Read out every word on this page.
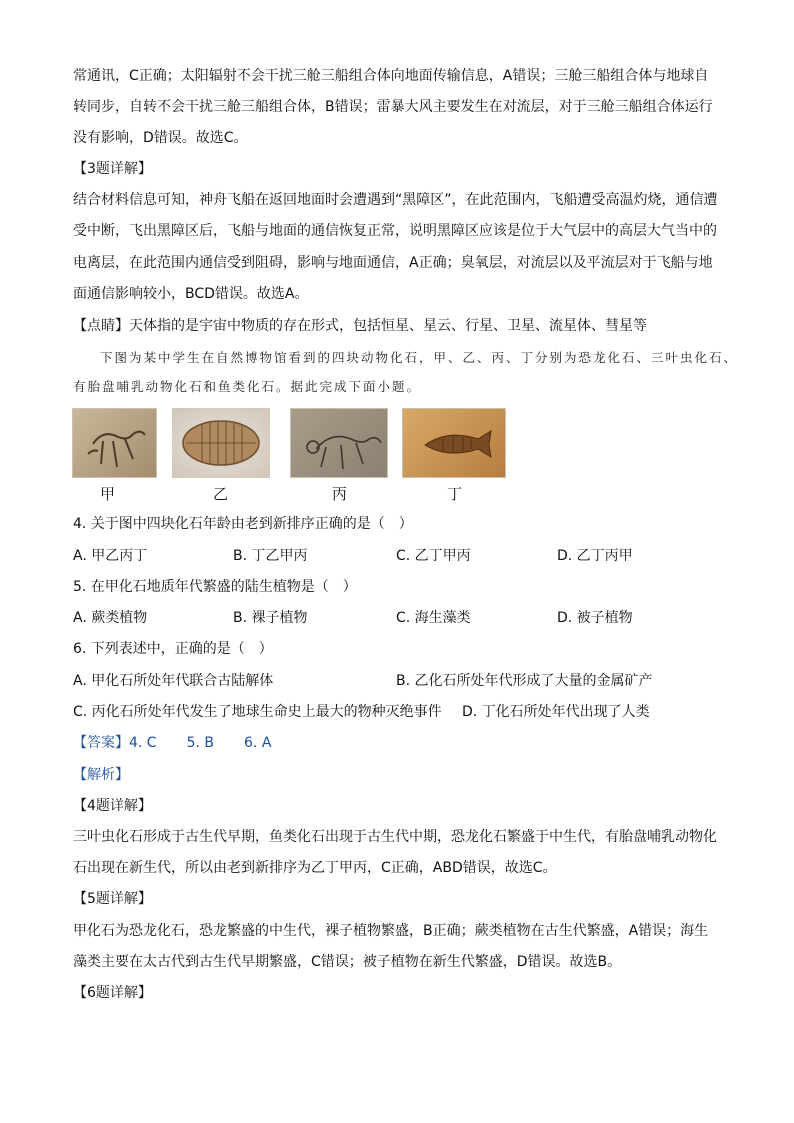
常通讯，C正确；太阳辐射不会干扰三舱三船组合体向地面传输信息，A错误；三舱三船组合体与地球自
转同步，自转不会干扰三舱三船组合体，B错误；雷暴大风主要发生在对流层，对于三舱三船组合体运行
没有影响，D错误。故选C。
【3题详解】
结合材料信息可知，神舟飞船在返回地面时会遭遇到“黑障区”，在此范围内，飞船遭受高温灼烧，通信遭
受中断，飞出黑障区后，飞船与地面的通信恢复正常，说明黑障区应该是位于大气层中的高层大气当中的
电离层，在此范围内通信受到阻碍，影响与地面通信，A正确；臭氧层，对流层以及平流层对于飞船与地
面通信影响较小，BCD错误。故选A。
【点睛】天体指的是宇宙中物质的存在形式，包括恒星、星云、行星、卫星、流星体、彗星等
下图为某中学生在自然博物馆看到的四块动物化石，甲、乙、丙、丁分别为恐龙化石、三叶虫化石、
有胎盘哺乳动物化石和鱼类化石。据此完成下面小题。
甲	乙	丙	丁
4. 关于图中四块化石年龄由老到新排序正确的是（　）
A. 甲乙丙丁	B. 丁乙甲丙	C. 乙丁甲丙	D. 乙丁丙甲
5. 在甲化石地质年代繁盛的陆生植物是（　）
A. 蕨类植物	B. 裸子植物	C. 海生藻类	D. 被子植物
6. 下列表述中，正确的是（　）
A. 甲化石所处年代联合古陆解体	B. 乙化石所处年代形成了大量的金属矿产
C. 丙化石所处年代发生了地球生命史上最大的物种灭绝事件 D. 丁化石所处年代出现了人类
【答案】4. C 5. B 6. A
【解析】
【4题详解】
三叶虫化石形成于古生代早期，鱼类化石出现于古生代中期，恐龙化石繁盛于中生代，有胎盘哺乳动物化
石出现在新生代，所以由老到新排序为乙丁甲丙，C正确，ABD错误，故选C。
【5题详解】
甲化石为恐龙化石，恐龙繁盛的中生代，裸子植物繁盛，B正确；蕨类植物在古生代繁盛，A错误；海生
藻类主要在太古代到古生代早期繁盛，C错误；被子植物在新生代繁盛，D错误。故选B。
【6题详解】
